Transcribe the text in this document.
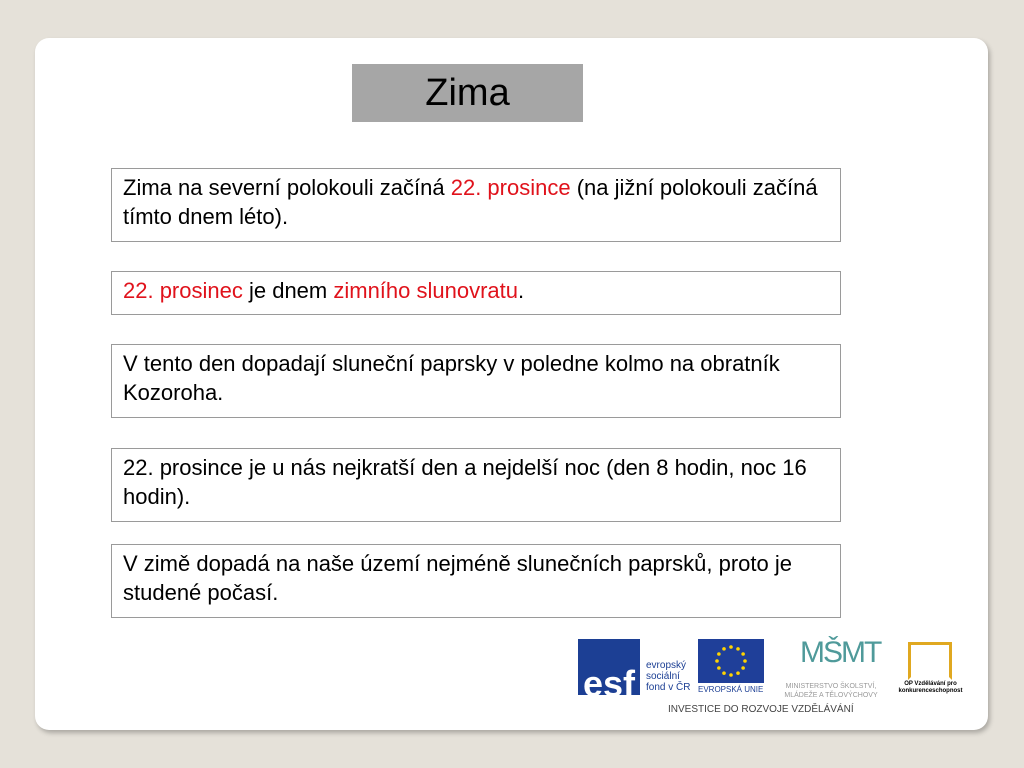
Zima
Zima na severní polokouli začíná 22. prosince (na jižní polokouli začíná tímto dnem léto).
22. prosinec je dnem zimního slunovratu.
V tento den dopadají sluneční paprsky v poledne kolmo na obratník Kozoroha.
22. prosince je u nás nejkratší den a nejdelší noc (den 8 hodin, noc 16 hodin).
V zimě dopadá na naše území nejméně slunečních paprsků, proto je studené počasí.
esf	evropský sociální fond v ČR EVROPSKÁ UNIE
MŠMT
MINISTERSTVO ŠKOLSTVÍ, MLÁDEŽE A TĚLOVÝCHOVY
OP Vzdělávání pro konkurenceschopnost
INVESTICE DO ROZVOJE VZDĚLÁVÁNÍ
